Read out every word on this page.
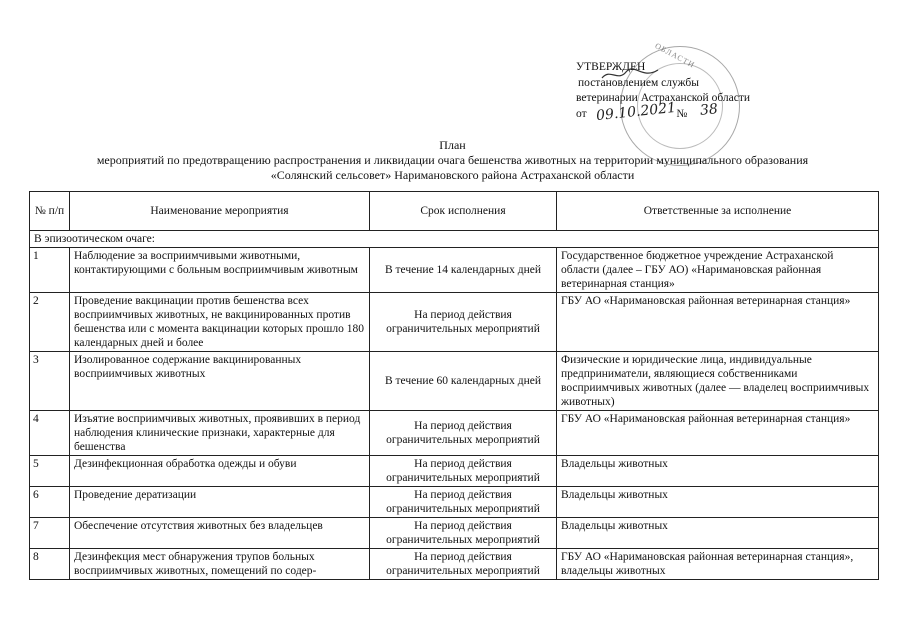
УТВЕРЖДЕН
постановлением службы
ветеринарии Астраханской области
от	№
ОБЛАСТИ
09.10.2021 38
План
мероприятий по предотвращению распространения и ликвидации очага бешенства животных на территории муниципального образования
«Солянский сельсовет» Наримановского района Астраханской области
№ п/п	Наименование мероприятия	Срок исполнения	Ответственные за исполнение
В эпизоотическом очаге:			
1	Наблюдение за восприимчивыми животными, контактирующими с больным восприимчивым животным	В течение 14 календарных дней	Государственное бюджетное учреждение Астраханской области (далее – ГБУ АО) «Наримановская районная ветеринарная станция»
2	Проведение вакцинации против бешенства всех восприимчивых животных, не вакцинированных против бешенства или с момента вакцинации которых прошло 180 календарных дней и более	На период действия ограничительных мероприятий	ГБУ АО «Наримановская районная ветеринарная станция»
3	Изолированное содержание вакцинированных восприимчивых животных	В течение 60 календарных дней	Физические и юридические лица, индивидуальные предприниматели, являющиеся собственниками восприимчивых животных (далее — владелец восприимчивых животных)
4	Изъятие восприимчивых животных, проявивших в период наблюдения клинические признаки, характерные для бешенства	На период действия ограничительных мероприятий	ГБУ АО «Наримановская районная ветеринарная станция»
5	Дезинфекционная обработка одежды и обуви	На период действия ограничительных мероприятий	Владельцы животных
6	Проведение дератизации	На период действия ограничительных мероприятий	Владельцы животных
7	Обеспечение отсутствия животных без владельцев	На период действия ограничительных мероприятий	Владельцы животных
8	Дезинфекция мест обнаружения трупов больных восприимчивых животных, помещений по содер-	На период действия ограничительных мероприятий	ГБУ АО «Наримановская районная ветеринарная станция», владельцы животных
